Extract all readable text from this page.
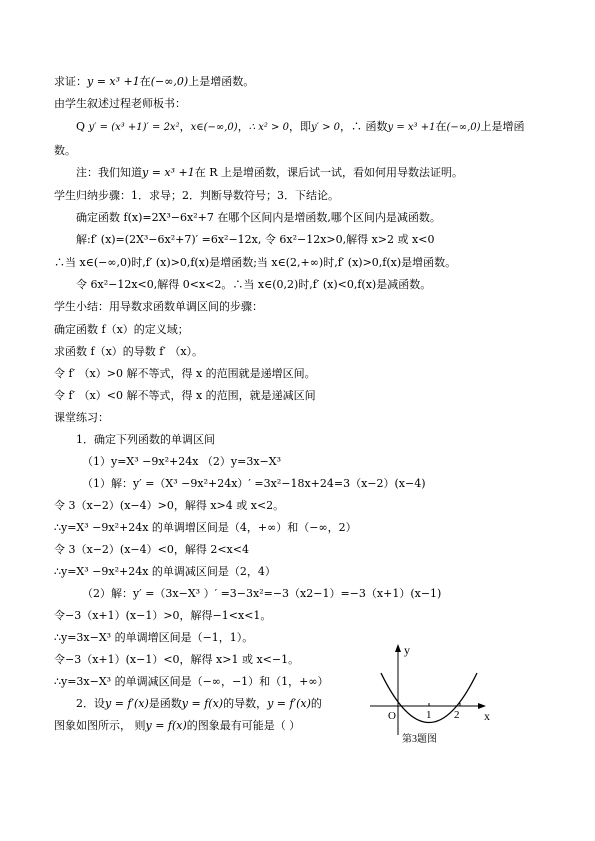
求证：y = x³ +1在(−∞,0)上是增函数。
由学生叙述过程老师板书：
Q y′ = (x³ +1)′ = 2x²，x∈(−∞,0)，∴ x² > 0，即y′ > 0，∴ 函数y = x³ +1在(−∞,0)上是增函
数。
注：我们知道y = x³ +1在 R 上是增函数，课后试一试，看如何用导数法证明。
学生归纳步骤：1．求导；2．判断导数符号；3．下结论。
确定函数 f(x)=2X³−6x²+7 在哪个区间内是增函数,哪个区间内是减函数。
解:f′ (x)=(2X³−6x²+7)′ =6x²−12x, 令 6x²−12x>0,解得 x>2 或 x<0
∴当 x∈(−∞,0)时,f′ (x)>0,f(x)是增函数;当 x∈(2,+∞)时,f′ (x)>0,f(x)是增函数。
令 6x²−12x<0,解得 0<x<2。∴当 x∈(0,2)时,f′ (x)<0,f(x)是减函数。
学生小结：用导数求函数单调区间的步骤：
确定函数 f（x）的定义域；
求函数 f（x）的导数 f′ （x）。
令 f′ （x）>0 解不等式，得 x 的范围就是递增区间。
令 f′ （x）<0 解不等式，得 x 的范围，就是递减区间
课堂练习：
1．确定下列函数的单调区间
（1）y=X³ −9x²+24x （2）y=3x−X³
（1）解：y′ =（X³ −9x²+24x）′ =3x²−18x+24=3（x−2）(x−4)
令 3（x−2）(x−4）>0，解得 x>4 或 x<2。
∴y=X³ −9x²+24x 的单调增区间是（4，+∞）和（−∞，2）
令 3（x−2）(x−4）<0，解得 2<x<4
∴y=X³ −9x²+24x 的单调减区间是（2，4）
（2）解：y′ =（3x−X³ ）′ =3−3x²=−3（x2−1）=−3（x+1）(x−1)
令−3（x+1）(x−1）>0，解得−1<x<1。
∴y=3x−X³ 的单调增区间是（−1，1）。
令−3（x+1）(x−1）<0，解得 x>1 或 x<−1。
∴y=3x−X³ 的单调减区间是（−∞，−1）和（1，+∞）
2．设y = f′(x)是函数y = f(x)的导数，y = f′(x)的
图象如图所示， 则y = f(x)的图象最有可能是（ ）
y
x
O	1 2
第3题图
